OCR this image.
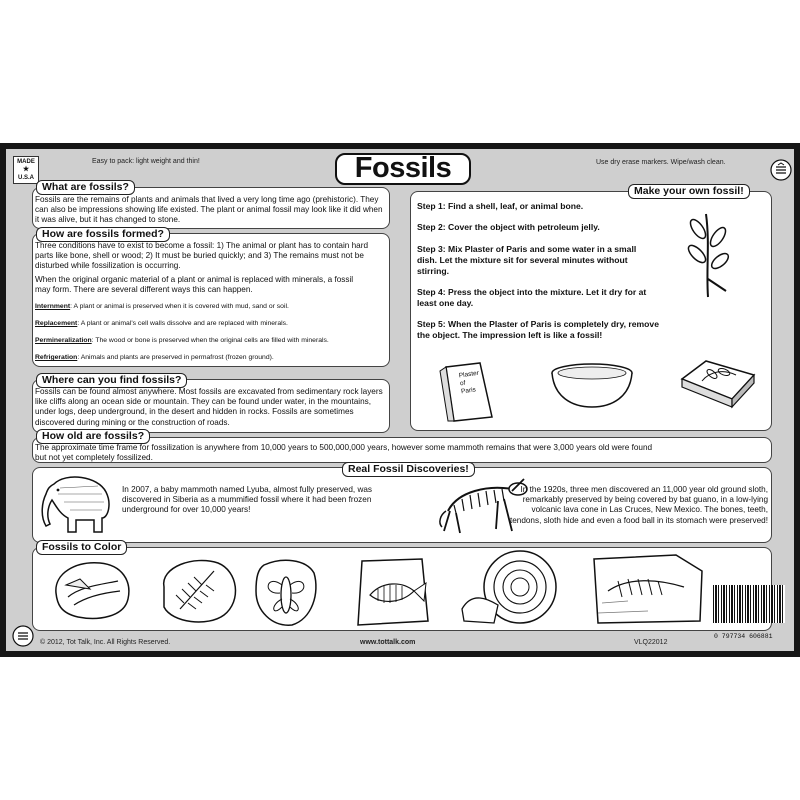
MADE
★
U.S.A
Easy to pack: light weight and thin!	Use dry erase markers. Wipe/wash clean.
Fossils
What are fossils?
Fossils are the remains of plants and animals that lived a very long time ago (prehistoric). They can also be impressions showing life existed. The plant or animal fossil may look like it did when it was alive, but it has changed to stone.
How are fossils formed?
Three conditions have to exist to become a fossil: 1) The animal or plant has to contain hard parts like bone, shell or wood; 2) It must be buried quickly; and 3) The remains must not be disturbed while fossilization is occurring.
When the original organic material of a plant or animal is replaced with minerals, a fossil may form. There are several different ways this can happen.
Internment: A plant or animal is preserved when it is covered with mud, sand or soil.
Replacement: A plant or animal's cell walls dissolve and are replaced with minerals.
Permineralization: The wood or bone is preserved when the original cells are filled with minerals.
Refrigeration: Animals and plants are preserved in permafrost (frozen ground).
Where can you find fossils?
Fossils can be found almost anywhere. Most fossils are excavated from sedimentary rock layers like cliffs along an ocean side or mountain. They can be found under water, in the mountains, under logs, deep underground, in the desert and hidden in rocks. Fossils are sometimes discovered during mining or the construction of roads.
Make your own fossil!
Step 1: Find a shell, leaf, or animal bone.
Step 2: Cover the object with petroleum jelly.
Step 3: Mix Plaster of Paris and some water in a small dish. Let the mixture sit for several minutes without stirring.
Step 4: Press the object into the mixture. Let it dry for at least one day.
Step 5: When the Plaster of Paris is completely dry, remove the object. The impression left is like a fossil!
Plaster
of
Paris
How old are fossils?
The approximate time frame for fossilization is anywhere from 10,000 years to 500,000,000 years, however some mammoth remains that were 3,000 years old were found but not yet completely fossilized.
Real Fossil Discoveries!
In 2007, a baby mammoth named Lyuba, almost fully preserved, was discovered in Siberia as a mummified fossil where it had been frozen underground for over 10,000 years!
In the 1920s, three men discovered an 11,000 year old ground sloth, remarkably preserved by being covered by bat guano, in a low-lying volcanic lava cone in Las Cruces, New Mexico. The bones, teeth, tendons, sloth hide and even a food ball in its stomach were preserved!
Fossils to Color
© 2012, Tot Talk, Inc. All Rights Reserved.	www.tottalk.com	VLQ22012
0 797734 606881
